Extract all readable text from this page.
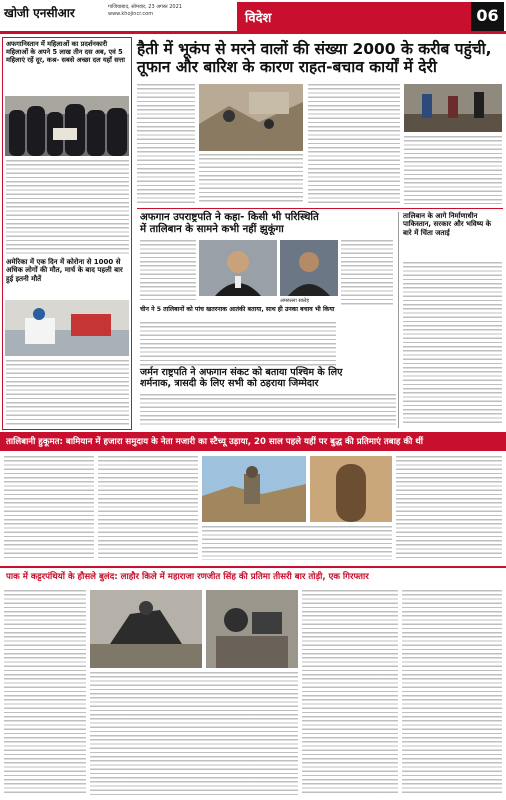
खोजी एनसीआर	गाजियाबाद, सोमवार, 23 अगस्त 2021
www.khojincr.com	विदेश	06
हैती में भूकंप से मरने वालों की संख्या 2000 के करीब पहुंची,
तूफान और बारिश के कारण राहत-बचाव कार्यों में देरी
अफगानिस्तान में महिलाओं का प्रदर्शनकारी महिलाओं के अपने 5 लाख तीन दस अब, एवं 5 महिलाएं रहें दूर, कश्र- सबसे अच्छा दल यहाँ सत्ता
अमेरिका में एक दिन में कोरोना से 1000 से अधिक लोगों की मौत, मार्च के बाद पहली बार हुई इतनी मौतें
अफगान उपराष्ट्रपति ने कहा- किसी भी परिस्थिति
में तालिबान के सामने कभी नहीं झुकूंगा
अमरुल्ला सालेह
चीन ने 5 तालिबानों को पांच खतरनाक आतंकी बताया, साथ ही उनका बचाव भी किया
तालिबान के आगे निर्माणाधीन पाकिस्तान, सरकार और भविष्य के बारे में चिंता जताई
जर्मन राष्ट्रपति ने अफगान संकट को बताया पश्चिम के लिए
शर्मनाक, त्रासदी के लिए सभी को ठहराया जिम्मेदार
तालिबानी हुकूमत: बामियान में हजारा समुदाय के नेता मजारी का स्टैच्यू उड़ाया, 20 साल पहले यहीं पर बुद्ध की प्रतिमाएं तबाह की थीं
पाक में कट्टरपंथियों के हौसले बुलंद: लाहौर किले में महाराजा रणजीत सिंह की प्रतिमा तीसरी बार तोड़ी, एक गिरफ्तार
